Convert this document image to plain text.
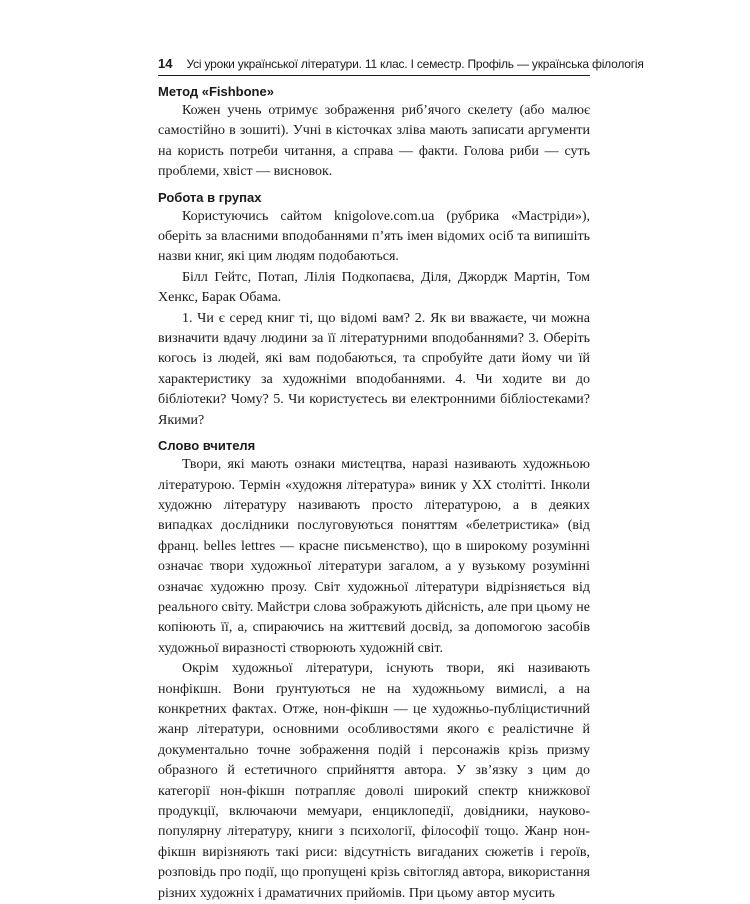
14 Усі уроки української літератури. 11 клас. І семестр. Профіль — українська філологія
Метод «Fishbone»

Кожен учень отримує зображення риб’ячого скелету (або малює самостійно в зошиті). Учні в кісточках зліва мають записати аргументи на користь потреби читання, а справа — факти. Голова риби — суть проблеми, хвіст — висновок.

Робота в групах

Користуючись сайтом knigolove.com.ua (рубрика «Мастріди»), оберіть за власними вподобаннями п’ять імен відомих осіб та випишіть назви книг, які цим людям подобаються.

Білл Гейтс, Потап, Лілія Подкопаєва, Діля, Джордж Мартін, Том Хенкс, Барак Обама.

1. Чи є серед книг ті, що відомі вам? 2. Як ви вважаєте, чи можна визначити вдачу людини за її літературними вподобаннями? 3. Оберіть когось із людей, які вам подобаються, та спробуйте дати йому чи їй характеристику за художніми вподобаннями. 4. Чи ходите ви до бібліотеки? Чому? 5. Чи користуєтесь ви електронними бібліостеками? Якими?

Слово вчителя

Твори, які мають ознаки мистецтва, наразі називають художньою літературою. Термін «художня література» виник у XX столітті. Інколи художню літературу називають просто літературою, а в деяких випадках дослідники послуговуються поняттям «белетристика» (від франц. belles lettres — красне письменство), що в широкому розумінні означає твори художньої літератури загалом, а у вузькому розумінні означає художню прозу. Світ художньої літератури відрізняється від реального світу. Майстри слова зображують дійсність, але при цьому не копіюють її, а, спираючись на життєвий досвід, за допомогою засобів художньої виразності створюють художній світ.

Окрім художньої літератури, існують твори, які називають нонфікшн. Вони ґрунтуються не на художньому вимислі, а на конкретних фактах. Отже, нон-фікшн — це художньо-публіцистичний жанр літератури, основними особливостями якого є реалістичне й документально точне зображення подій і персонажів крізь призму образного й естетичного сприйняття автора. У зв’язку з цим до категорії нон-фікшн потрапляє доволі широкий спектр книжкової продукції, включаючи мемуари, енциклопедії, довідники, науково-популярну літературу, книги з психології, філософії тощо. Жанр нон-фікшн вирізняють такі риси: відсутність вигаданих сюжетів і героїв, розповідь про події, що пропущені крізь світогляд автора, використання різних художніх і драматичних прийомів. При цьому автор мусить
